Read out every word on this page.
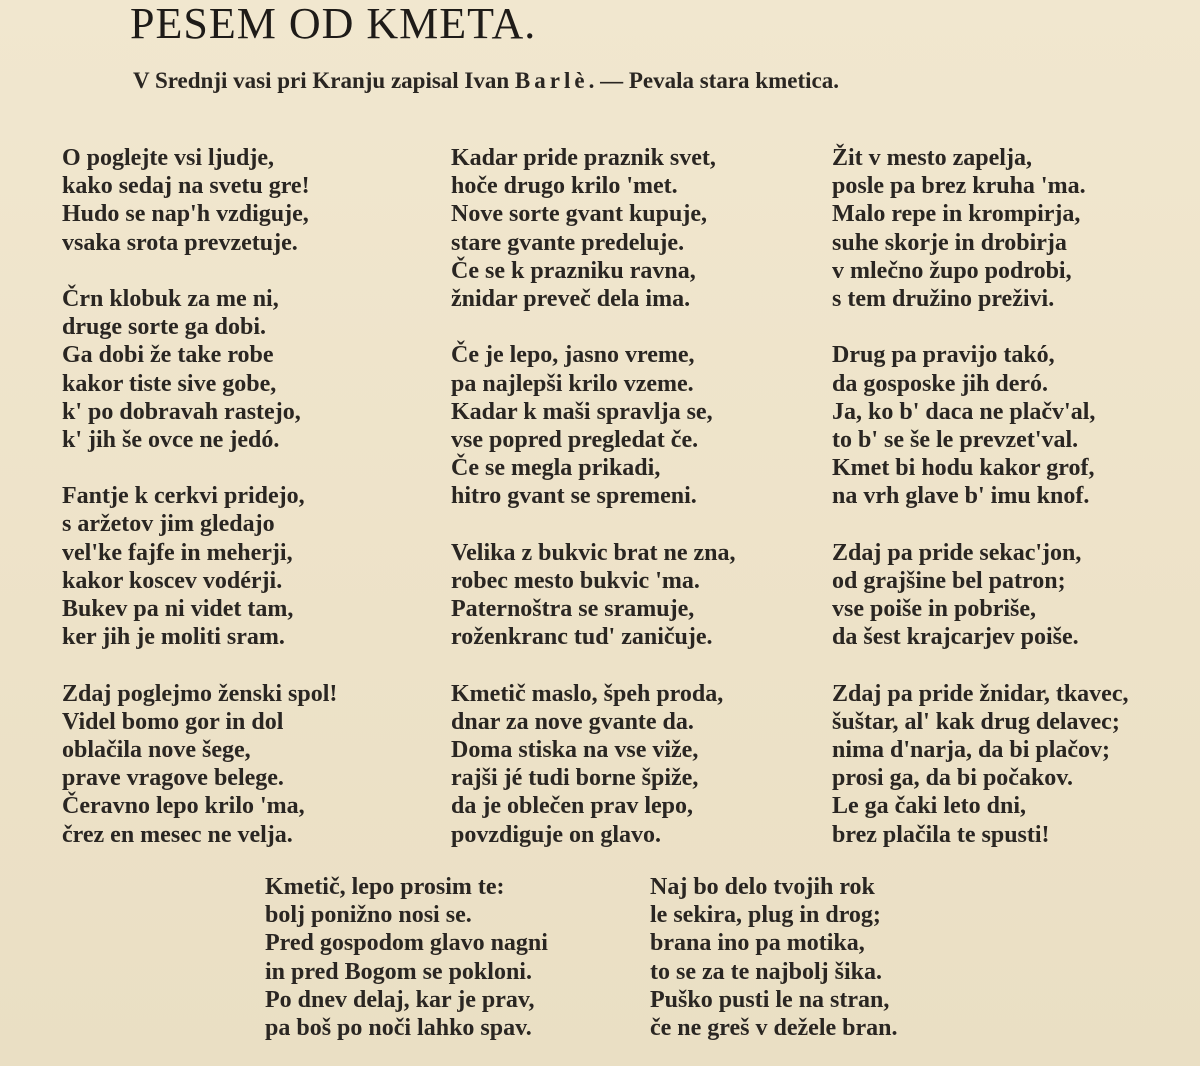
PESEM OD KMETA.
V Srednji vasi pri Kranju zapisal Ivan Barlè. — Pevala stara kmetica.
O poglejte vsi ljudje,
kako sedaj na svetu gre!
Hudo se nap'h vzdiguje,
vsaka srota prevzetuje.
Črn klobuk za me ni,
druge sorte ga dobi.
Ga dobi že take robe
kakor tiste sive gobe,
k' po dobravah rastejo,
k' jih še ovce ne jedó.
Fantje k cerkvi pridejo,
s aržetov jim gledajo
vel'ke fajfe in meherji,
kakor koscev vodérji.
Bukev pa ni videt tam,
ker jih je moliti sram.
Zdaj poglejmo ženski spol!
Videl bomo gor in dol
oblačila nove šege,
prave vragove belege.
Čeravno lepo krilo 'ma,
črez en mesec ne velja.
Kadar pride praznik svet,
hoče drugo krilo 'met.
Nove sorte gvant kupuje,
stare gvante predeluje.
Če se k prazniku ravna,
žnidar preveč dela ima.
Če je lepo, jasno vreme,
pa najlepši krilo vzeme.
Kadar k maši spravlja se,
vse popred pregledat če.
Če se megla prikadi,
hitro gvant se spremeni.
Velika z bukvic brat ne zna,
robec mesto bukvic 'ma.
Paternoštra se sramuje,
roženkranc tud' zaničuje.
Kmetič maslo, špeh proda,
dnar za nove gvante da.
Doma stiska na vse viže,
rajši jé tudi borne špiže,
da je oblečen prav lepo,
povzdiguje on glavo.
Žit v mesto zapelja,
posle pa brez kruha 'ma.
Malo repe in krompirja,
suhe skorje in drobirja
v mlečno župo podrobi,
s tem družino preživi.
Drug pa pravijo takó,
da gosposke jih deró.
Ja, ko b' daca ne plačv'al,
to b' se še le prevzet'val.
Kmet bi hodu kakor grof,
na vrh glave b' imu knof.
Zdaj pa pride sekac'jon,
od grajšine bel patron;
vse poiše in pobriše,
da šest krajcarjev poiše.
Zdaj pa pride žnidar, tkavec,
šuštar, al' kak drug delavec;
nima d'narja, da bi plačov;
prosi ga, da bi počakov.
Le ga čaki leto dni,
brez plačila te spusti!
Kmetič, lepo prosim te:
bolj ponižno nosi se.
Pred gospodom glavo nagni
in pred Bogom se pokloni.
Po dnev delaj, kar je prav,
pa boš po noči lahko spav.
Naj bo delo tvojih rok
le sekira, plug in drog;
brana ino pa motika,
to se za te najbolj šika.
Puško pusti le na stran,
če ne greš v dežele bran.
